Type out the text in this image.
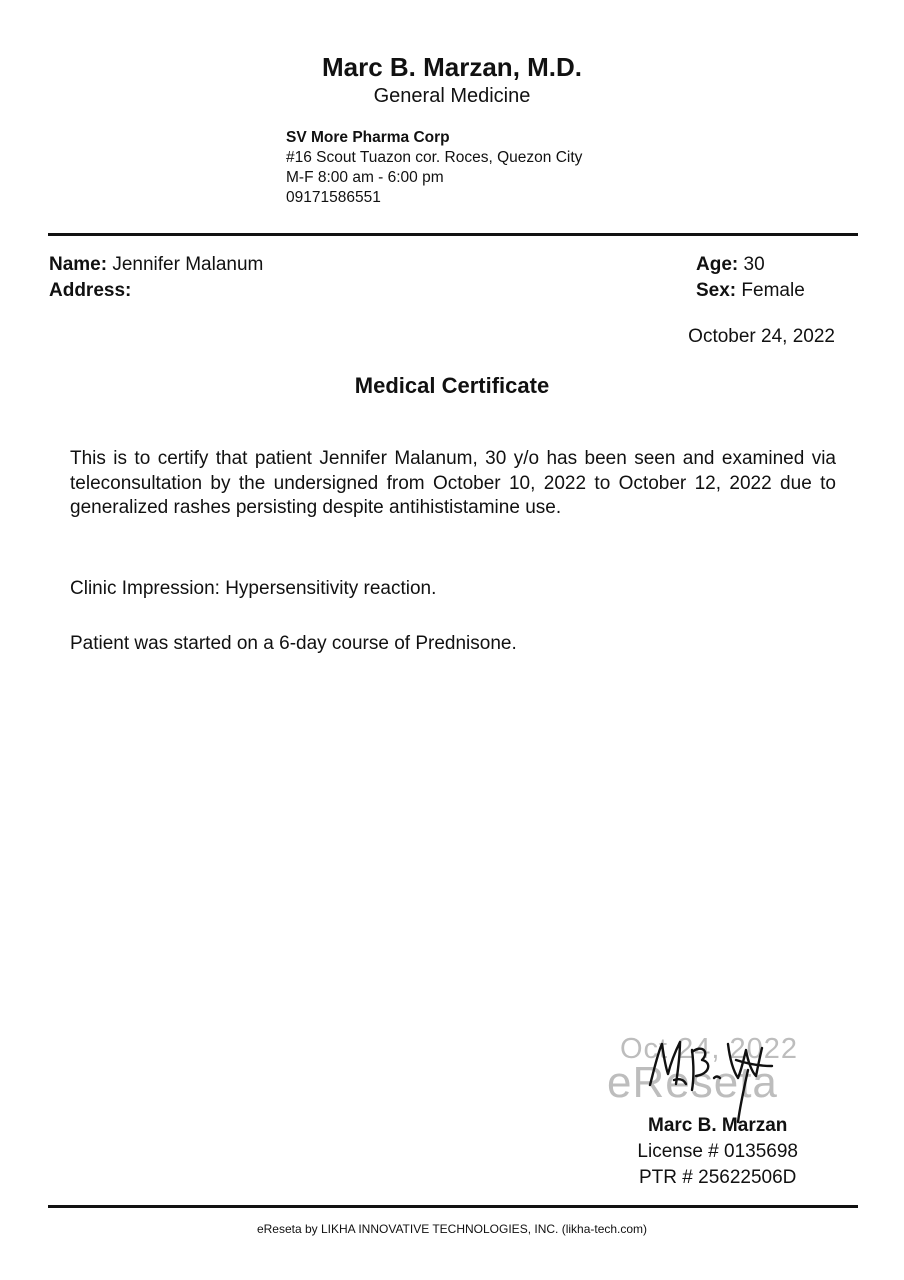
Marc B. Marzan, M.D.
General Medicine
SV More Pharma Corp
#16 Scout Tuazon cor. Roces, Quezon City
M-F 8:00 am - 6:00 pm
09171586551
Name: Jennifer Malanum
Address:
Age: 30
Sex: Female
October 24, 2022
Medical Certificate
This is to certify that patient Jennifer Malanum, 30 y/o has been seen and examined via teleconsultation by the undersigned from October 10, 2022 to October 12, 2022 due to generalized rashes persisting despite antihististamine use.
Clinic Impression: Hypersensitivity reaction.
Patient was started on a 6-day course of Prednisone.
Oct 24, 2022
eReseta
Marc B. Marzan
License # 0135698
PTR # 25622506D
eReseta by LIKHA INNOVATIVE TECHNOLOGIES, INC. (likha-tech.com)
